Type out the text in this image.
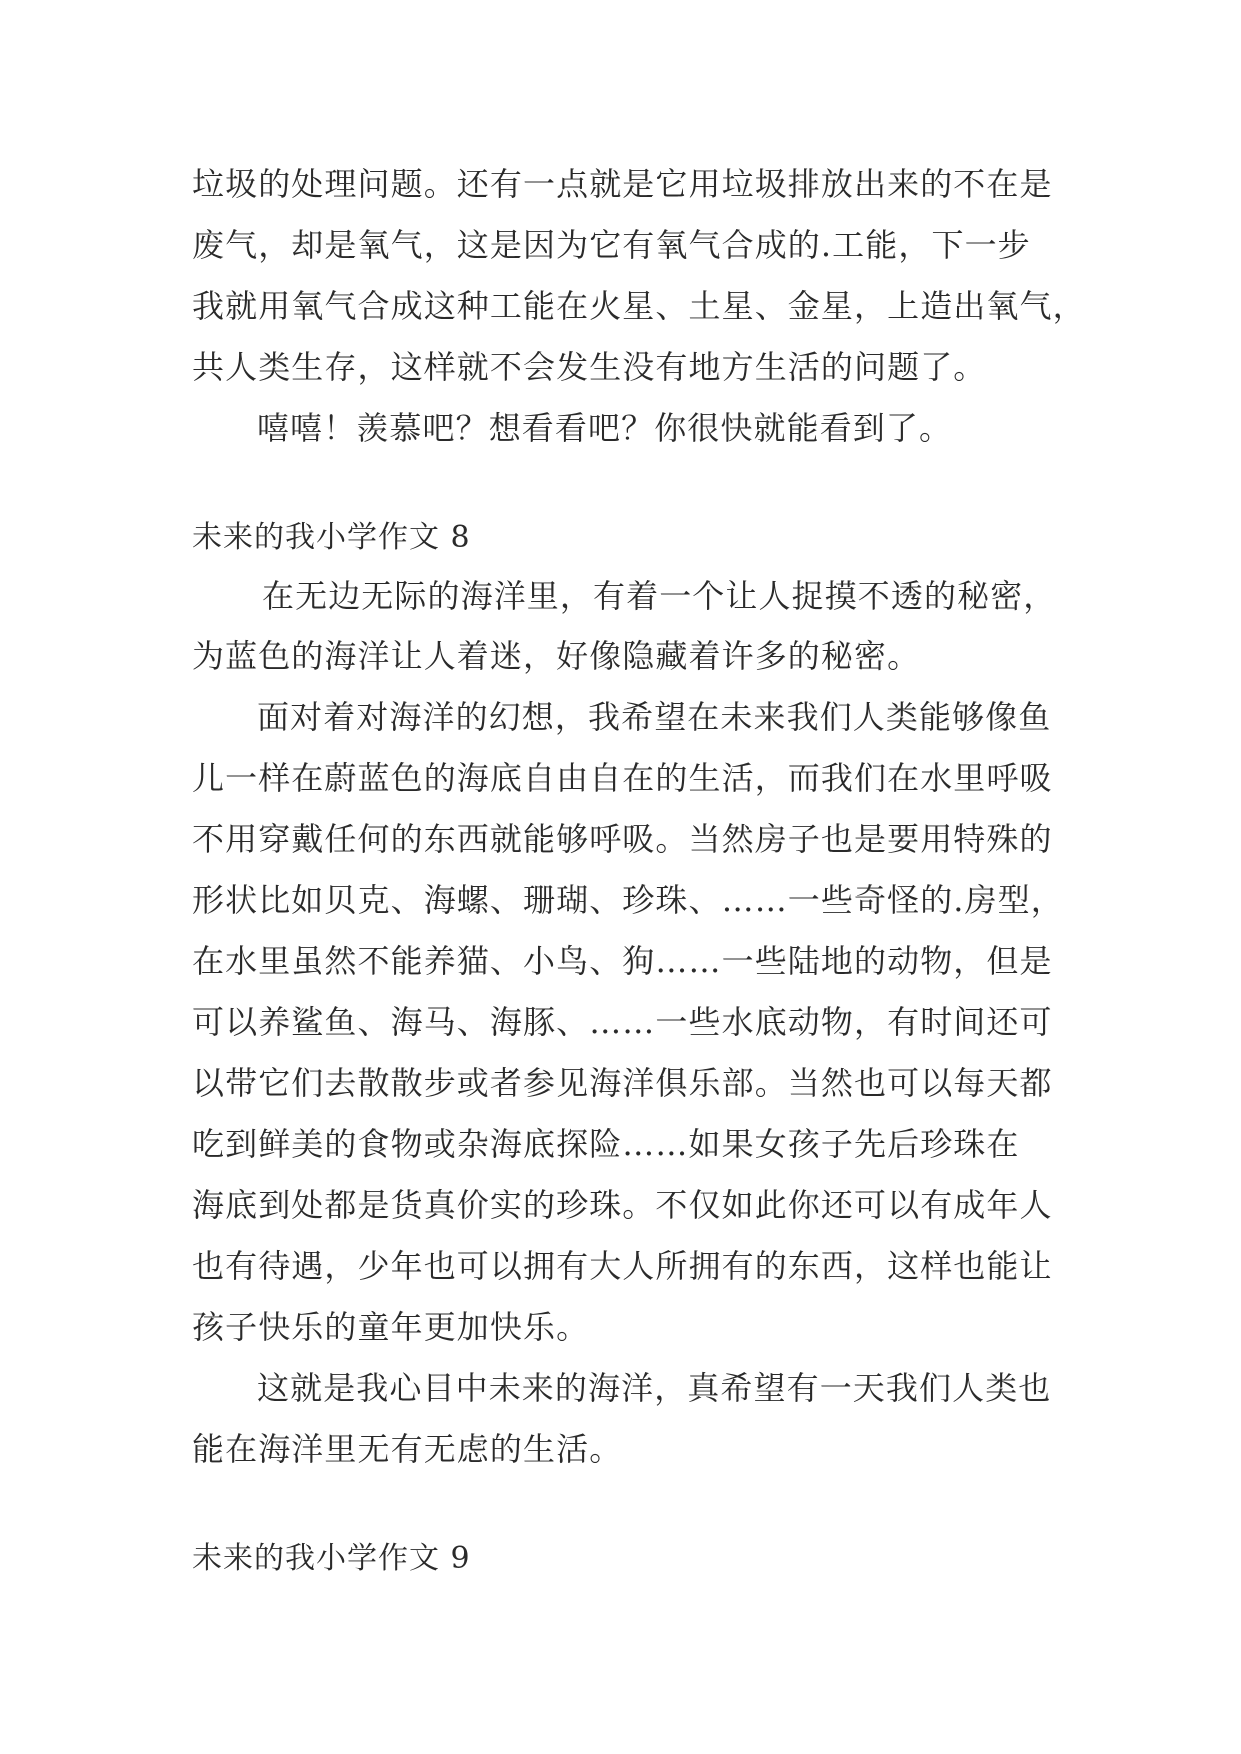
垃圾的处理问题。还有一点就是它用垃圾排放出来的不在是
废气，却是氧气，这是因为它有氧气合成的.工能，下一步
我就用氧气合成这种工能在火星、土星、金星，上造出氧气，
共人类生存，这样就不会发生没有地方生活的问题了。
嘻嘻！羡慕吧？想看看吧？你很快就能看到了。
未来的我小学作文 8
在无边无际的海洋里，有着一个让人捉摸不透的秘密，
为蓝色的海洋让人着迷，好像隐藏着许多的秘密。
面对着对海洋的幻想，我希望在未来我们人类能够像鱼
儿一样在蔚蓝色的海底自由自在的生活，而我们在水里呼吸
不用穿戴任何的东西就能够呼吸。当然房子也是要用特殊的
形状比如贝克、海螺、珊瑚、珍珠、……一些奇怪的.房型，
在水里虽然不能养猫、小鸟、狗……一些陆地的动物，但是
可以养鲨鱼、海马、海豚、……一些水底动物，有时间还可
以带它们去散散步或者参见海洋俱乐部。当然也可以每天都
吃到鲜美的食物或杂海底探险……如果女孩子先后珍珠在
海底到处都是货真价实的珍珠。不仅如此你还可以有成年人
也有待遇，少年也可以拥有大人所拥有的东西，这样也能让
孩子快乐的童年更加快乐。
这就是我心目中未来的海洋，真希望有一天我们人类也
能在海洋里无有无虑的生活。
未来的我小学作文 9
